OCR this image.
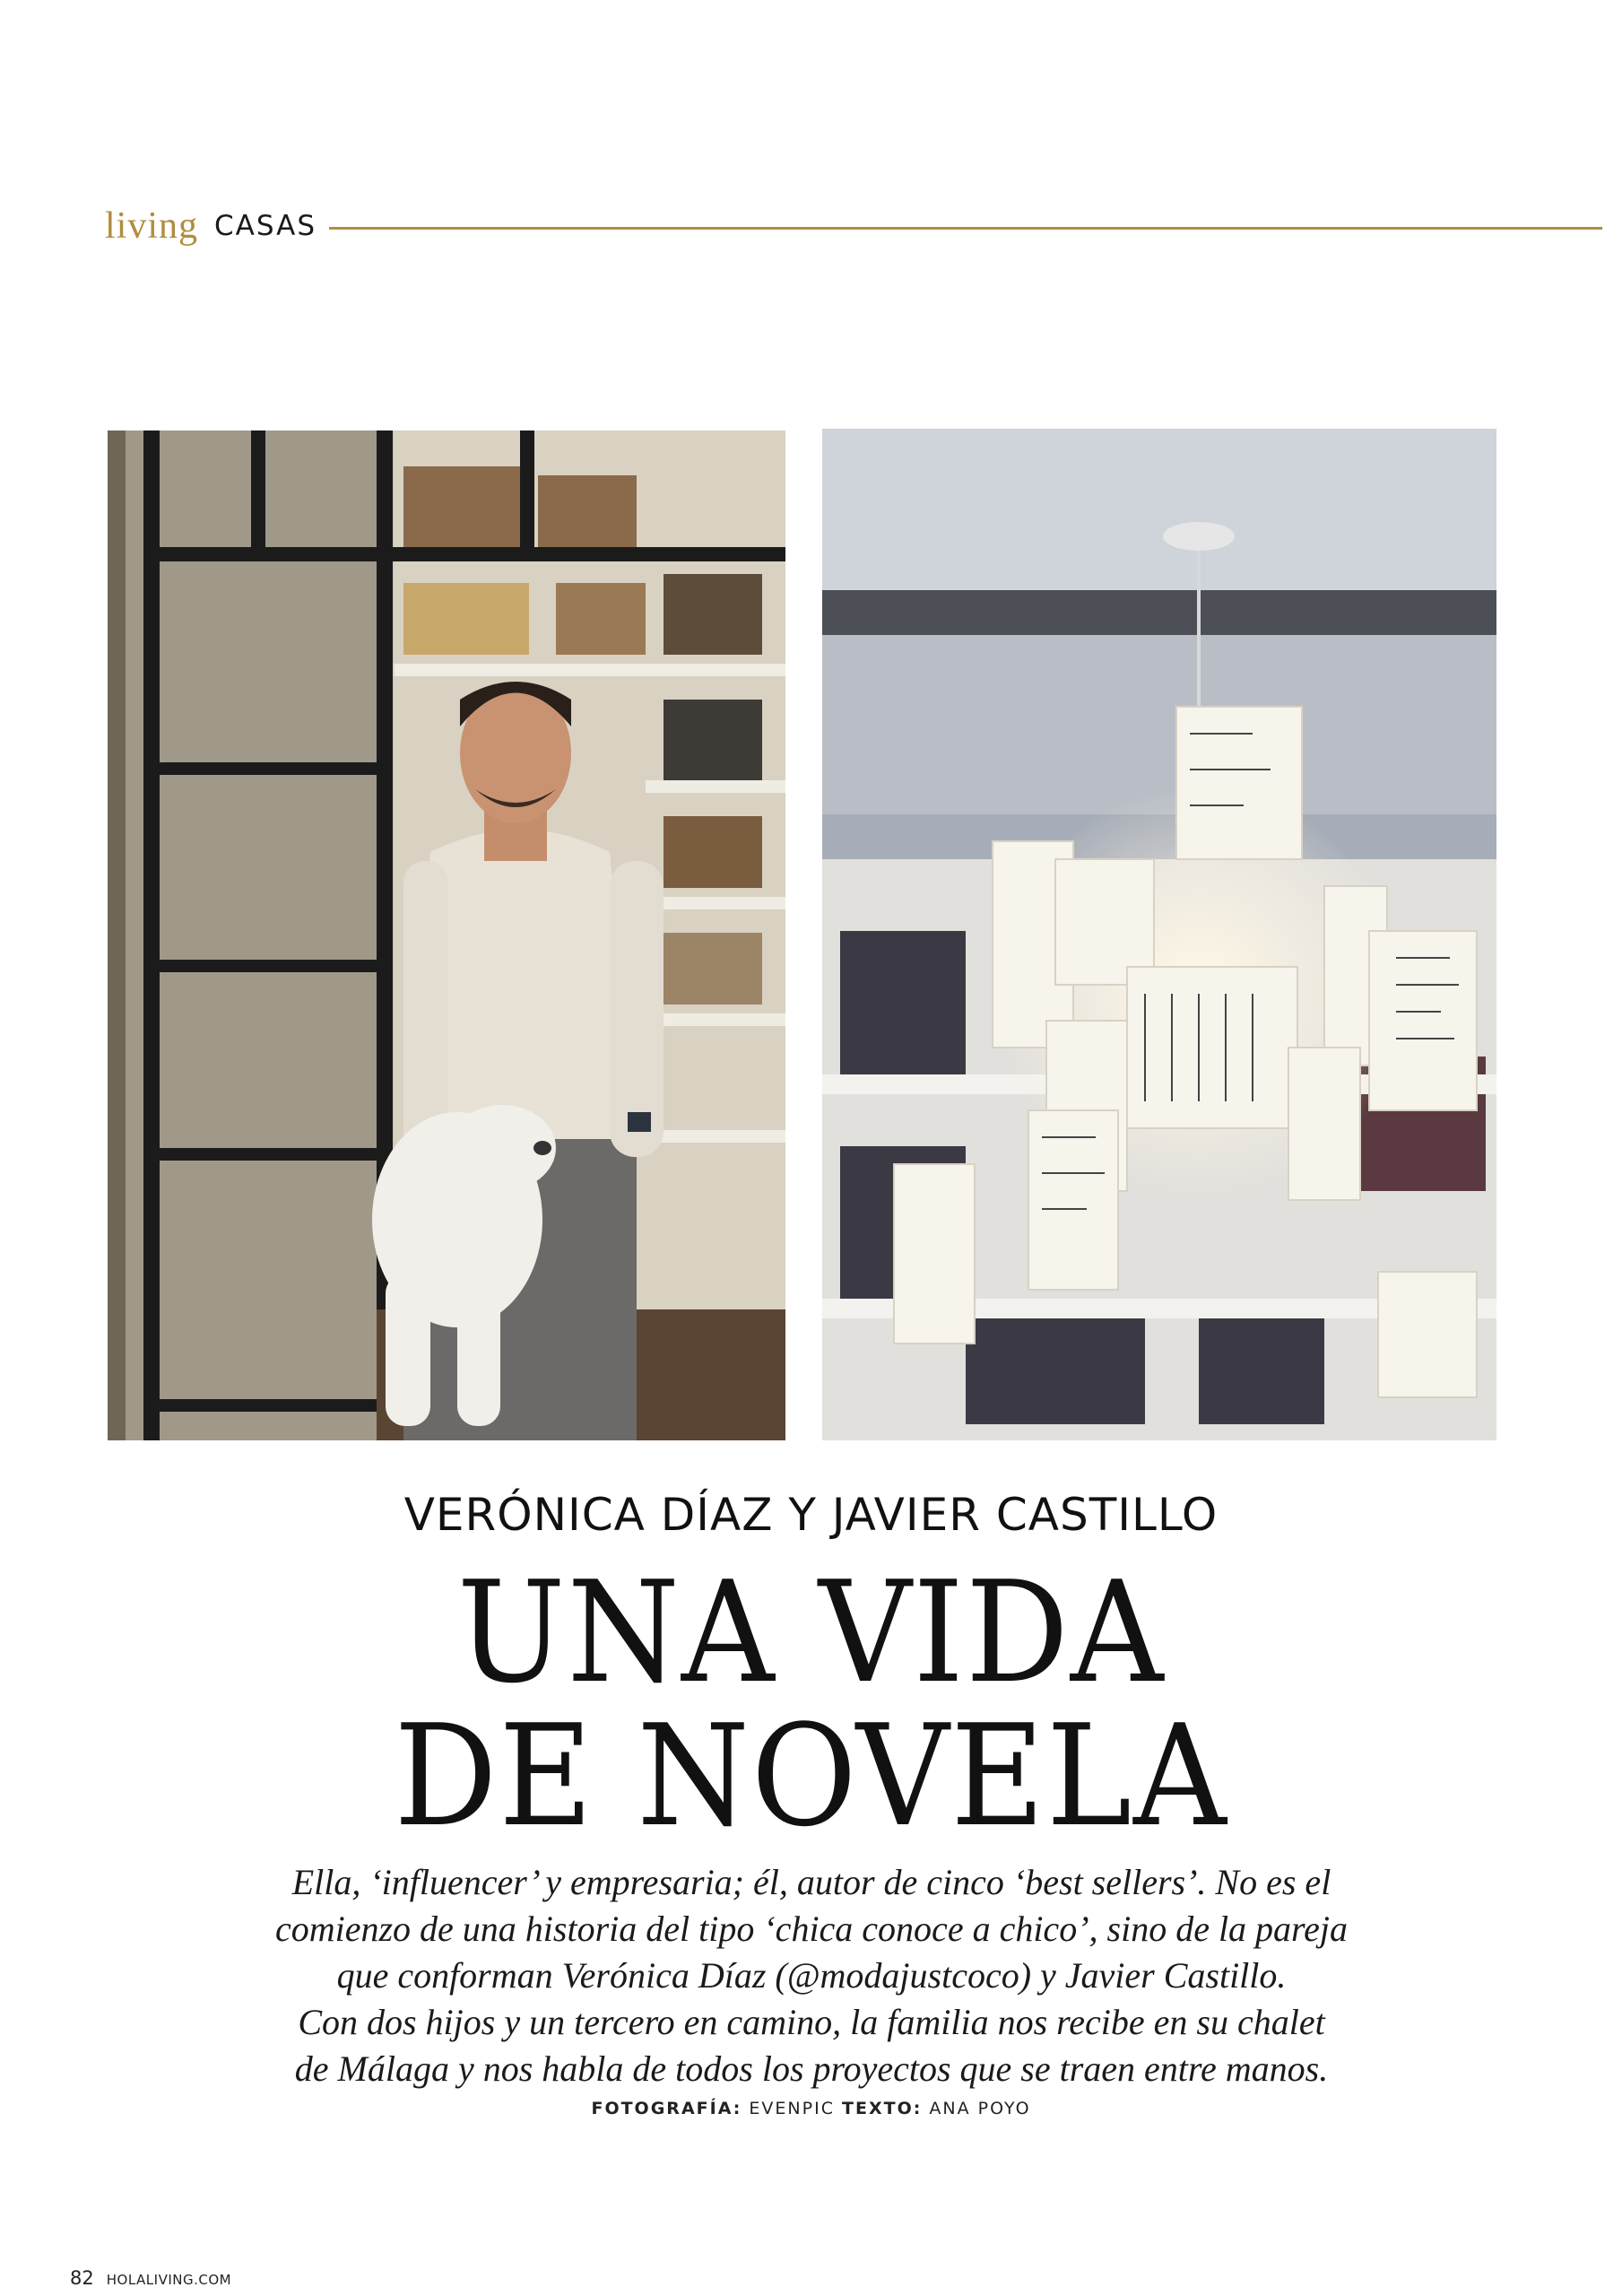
living CASAS
VERÓNICA DÍAZ Y JAVIER CASTILLO
UNA VIDA
DE NOVELA
Ella, ‘influencer’ y empresaria; él, autor de cinco ‘best sellers’. No es el
comienzo de una historia del tipo ‘chica conoce a chico’, sino de la pareja
que conforman Verónica Díaz (@modajustcoco) y Javier Castillo.
Con dos hijos y un tercero en camino, la familia nos recibe en su chalet
de Málaga y nos habla de todos los proyectos que se traen entre manos.
FOTOGRAFÍA: EVENPIC TEXTO: ANA POYO
82 HOLALIVING.COM
